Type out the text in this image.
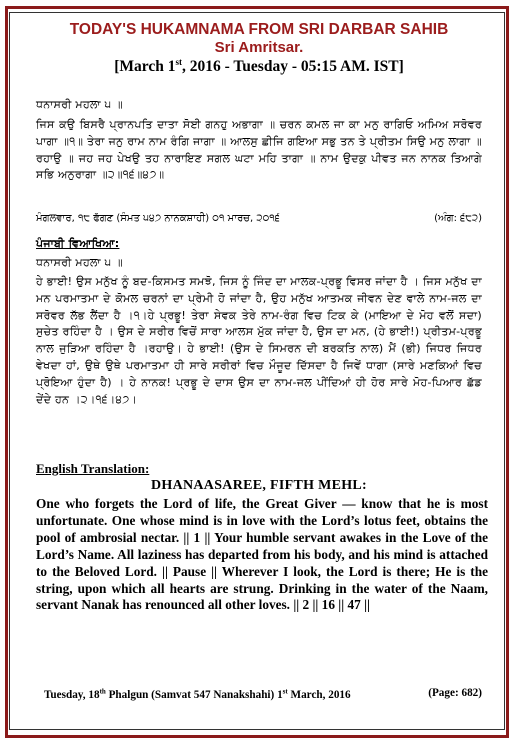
TODAY'S HUKAMNAMA FROM SRI DARBAR SAHIB
Sri Amritsar.
[March 1st, 2016 - Tuesday - 05:15 AM. IST]
ਧਨਾਸਰੀ ਮਹਲਾ ੫ ॥
ਜਿਸ ਕਉ ਬਿਸਰੈ ਪ੍ਰਾਨਪਤਿ ਦਾਤਾ ਸੋਈ ਗਨਹੁ ਅਭਾਗਾ ॥ ਚਰਨ ਕਮਲ ਜਾ ਕਾ ਮਨੁ ਰਾਗਿਓ ਅਮਿਅ ਸਰੋਵਰ ਪਾਗਾ ॥੧॥ ਤੇਰਾ ਜਨੁ ਰਾਮ ਨਾਮ ਰੰਗਿ ਜਾਗਾ ॥ ਆਲਸੁ ਛੀਜਿ ਗਇਆ ਸਭੁ ਤਨ ਤੇ ਪ੍ਰੀਤਮ ਸਿਉ ਮਨੁ ਲਾਗਾ ॥ ਰਹਾਉ ॥ ਜਹ ਜਹ ਪੇਖਉ ਤਹ ਨਾਰਾਇਣ ਸਗਲ ਘਟਾ ਮਹਿ ਤਾਗਾ ॥ ਨਾਮ ਉਦਕੁ ਪੀਵਤ ਜਨ ਨਾਨਕ ਤਿਆਗੇ ਸਭਿ ਅਨੁਰਾਗਾ ॥੨॥੧੬॥੪੭॥
ਮੰਗਲਵਾਰ, ੧੮ ਫੱਗਣ (ਸੰਮਤ ੫੪੭ ਨਾਨਕਸ਼ਾਹੀ) ੦੧ ਮਾਰਚ, ੨੦੧੬	(ਅੰਗ: ੬੮੨)
ਪੰਜਾਬੀ ਵਿਆਖਿਆ:
ਧਨਾਸਰੀ ਮਹਲਾ ੫ ॥
ਹੇ ਭਾਈ! ਉਸ ਮਨੁੱਖ ਨੂੰ ਬਦ-ਕਿਸਮਤ ਸਮਝੋ, ਜਿਸ ਨੂੰ ਜਿੰਦ ਦਾ ਮਾਲਕ-ਪ੍ਰਭੂ ਵਿਸਰ ਜਾਂਦਾ ਹੈ । ਜਿਸ ਮਨੁੱਖ ਦਾ ਮਨ ਪਰਮਾਤਮਾ ਦੇ ਕੋਮਲ ਚਰਨਾਂ ਦਾ ਪ੍ਰੇਮੀ ਹੋ ਜਾਂਦਾ ਹੈ, ਉਹ ਮਨੁੱਖ ਆਤਮਕ ਜੀਵਨ ਦੇਣ ਵਾਲੇ ਨਾਮ-ਜਲ ਦਾ ਸਰੋਵਰ ਲੱਭ ਲੈਂਦਾ ਹੈ ।੧।ਹੇ ਪ੍ਰਭੂ! ਤੇਰਾ ਸੇਵਕ ਤੇਰੇ ਨਾਮ-ਰੰਗ ਵਿਚ ਟਿਕ ਕੇ (ਮਾਇਆ ਦੇ ਮੋਹ ਵਲੋਂ ਸਦਾ) ਸੁਚੇਤ ਰਹਿੰਦਾ ਹੈ । ਉਸ ਦੇ ਸਰੀਰ ਵਿਚੋਂ ਸਾਰਾ ਆਲਸ ਮੁੱਕ ਜਾਂਦਾ ਹੈ, ਉਸ ਦਾ ਮਨ, (ਹੇ ਭਾਈ!) ਪ੍ਰੀਤਮ-ਪ੍ਰਭੂ ਨਾਲ ਜੁੜਿਆ ਰਹਿੰਦਾ ਹੈ ।ਰਹਾਉ। ਹੇ ਭਾਈ! (ਉਸ ਦੇ ਸਿਮਰਨ ਦੀ ਬਰਕਤਿ ਨਾਲ) ਮੈਂ (ਭੀ) ਜਿਧਰ ਜਿਧਰ ਵੇਖਦਾ ਹਾਂ, ਉਥੇ ਉਥੇ ਪਰਮਾਤਮਾ ਹੀ ਸਾਰੇ ਸਰੀਰਾਂ ਵਿਚ ਮੌਜੂਦ ਦਿੱਸਦਾ ਹੈ ਜਿਵੇਂ ਧਾਗਾ (ਸਾਰੇ ਮਣਕਿਆਂ ਵਿਚ ਪ੍ਰੋਇਆ ਹੁੰਦਾ ਹੈ) । ਹੇ ਨਾਨਕ! ਪ੍ਰਭੂ ਦੇ ਦਾਸ ਉਸ ਦਾ ਨਾਮ-ਜਲ ਪੀਂਦਿਆਂ ਹੀ ਹੋਰ ਸਾਰੇ ਮੋਹ-ਪਿਆਰ ਛੱਡ ਦੇਂਦੇ ਹਨ ।੨।੧੬।੪੭।
English Translation:
DHANAASAREE, FIFTH MEHL:
One who forgets the Lord of life, the Great Giver — know that he is most unfortunate. One whose mind is in love with the Lord’s lotus feet, obtains the pool of ambrosial nectar. || 1 || Your humble servant awakes in the Love of the Lord’s Name. All laziness has departed from his body, and his mind is attached to the Beloved Lord. || Pause || Wherever I look, the Lord is there; He is the string, upon which all hearts are strung. Drinking in the water of the Naam, servant Nanak has renounced all other loves. || 2 || 16 || 47 ||
Tuesday, 18th Phalgun (Samvat 547 Nanakshahi) 1st March, 2016	(Page: 682)
